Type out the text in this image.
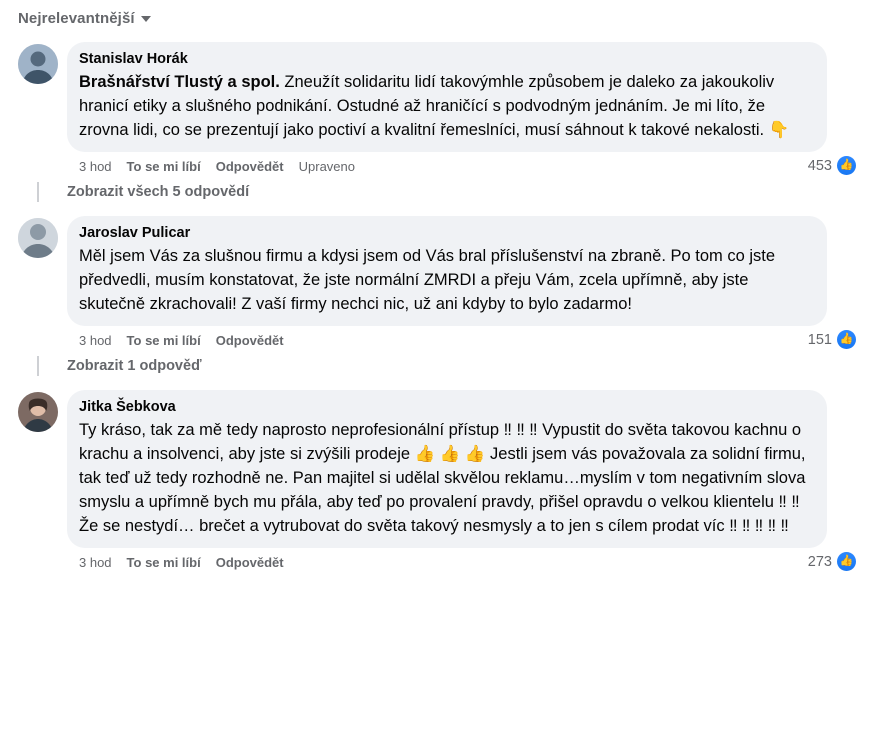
Nejrelevantnější
Stanislav Horák
Brašnářství Tlustý a spol. Zneužít solidaritu lidí takovýmhle způsobem je daleko za jakoukoliv hranicí etiky a slušného podnikání. Ostudné až hraničící s podvodným jednáním. Je mi líto, že zrovna lidi, co se prezentují jako poctiví a kvalitní řemeslníci, musí sáhnout k takové nekalosti. 👇
3 hod To se mi líbí Odpovědět Upraveno	453 👍
Zobrazit všech 5 odpovědí
Jaroslav Pulicar
Měl jsem Vás za slušnou firmu a kdysi jsem od Vás bral příslušenství na zbraně. Po tom co jste předvedli, musím konstatovat, že jste normální ZMRDI a přeju Vám, zcela upřímně, aby jste skutečně zkrachovali! Z vaší firmy nechci nic, už ani kdyby to bylo zadarmo!
3 hod To se mi líbí Odpovědět	151 👍
Zobrazit 1 odpověď
Jitka Šebkova
Ty kráso, tak za mě tedy naprosto neprofesionální přístup ‼ ‼ ‼ Vypustit do světa takovou kachnu o krachu a insolvenci, aby jste si zvýšili prodeje 👍 👍 👍 Jestli jsem vás považovala za solidní firmu, tak teď už tedy rozhodně ne. Pan majitel si udělal skvělou reklamu…myslím v tom negativním slova smyslu a upřímně bych mu přála, aby teď po provalení pravdy, přišel opravdu o velkou klientelu ‼ ‼ Že se nestydí… brečet a vytrubovat do světa takový nesmysly a to jen s cílem prodat víc ‼ ‼ ‼ ‼ ‼
3 hod To se mi líbí Odpovědět	273 👍
